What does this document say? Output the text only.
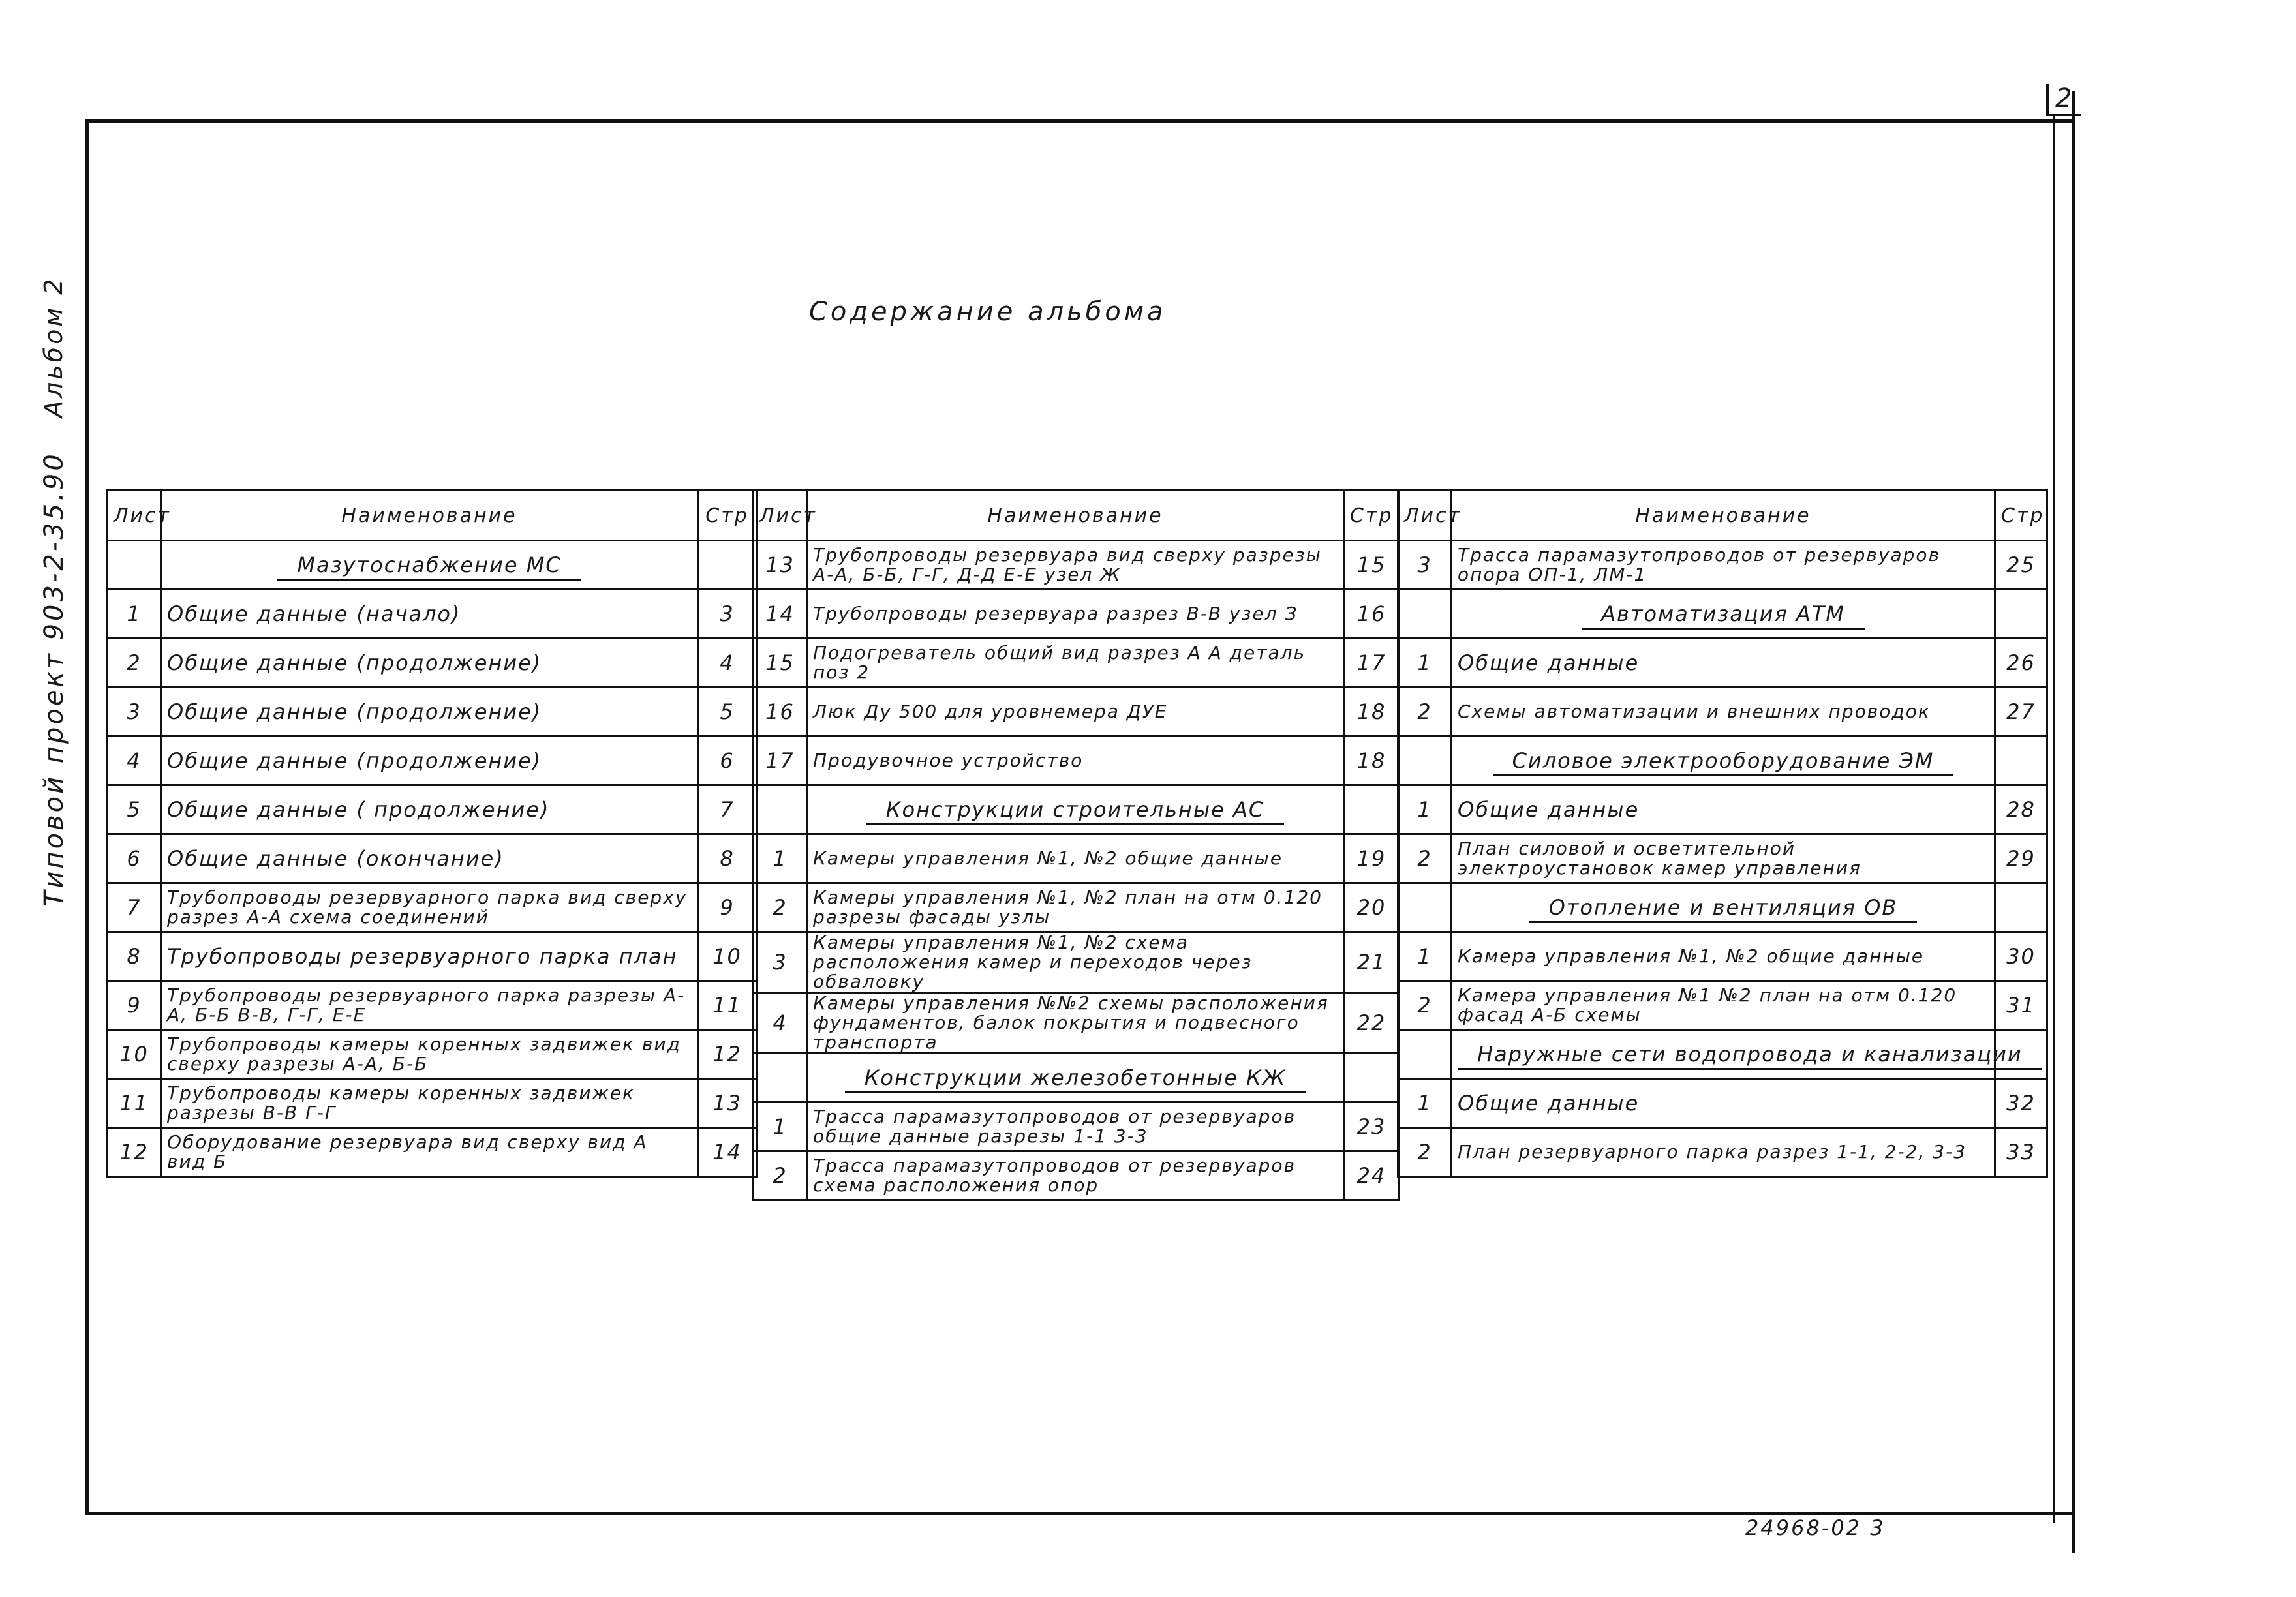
2
Типовой проект 903-2-35.90
Альбом 2	Содержание альбома
Лист	Наименование	Стр
	Мазутоснабжение МС	
1	Общие данные (начало)	3
2	Общие данные (продолжение)	4
3	Общие данные (продолжение)	5
4	Общие данные (продолжение)	6
5	Общие данные ( продолжение)	7
6	Общие данные (окончание)	8
7	Трубопроводы резервуарного парка вид сверху разрез А-А схема соединений	9
8	Трубопроводы резервуарного парка план	10
9	Трубопроводы резервуарного парка разрезы А-А, Б-Б В-В, Г-Г, Е-Е	11
10	Трубопроводы камеры коренных задвижек вид сверху разрезы А-А, Б-Б	12
11	Трубопроводы камеры коренных задвижек разрезы В-В Г-Г	13
12	Оборудование резервуара вид сверху вид А вид Б	14
Лист	Наименование	Стр
13	Трубопроводы резервуара вид сверху разрезы А-А, Б-Б, Г-Г, Д-Д Е-Е узел Ж	15
14	Трубопроводы резервуара разрез В-В узел З	16
15	Подогреватель общий вид разрез А А деталь поз 2	17
16	Люк Ду 500 для уровнемера ДУЕ	18
17	Продувочное устройство	18
	Конструкции строительные АС	
1	Камеры управления №1, №2 общие данные	19
2	Камеры управления №1, №2 план на отм 0.120 разрезы фасады узлы	20
3	Камеры управления №1, №2 схема расположения камер и переходов через обваловку	21
4	Камеры управления №№2 схемы расположения фундаментов, балок покрытия и подвесного транспорта	22
	Конструкции железобетонные КЖ	
1	Трасса парамазутопроводов от резервуаров общие данные разрезы 1-1 3-3	23
2	Трасса парамазутопроводов от резервуаров схема расположения опор	24
Лист	Наименование	Стр
3	Трасса парамазутопроводов от резервуаров опора ОП-1, ЛМ-1	25
	Автоматизация АТМ	
1	Общие данные	26
2	Схемы автоматизации и внешних проводок	27
	Силовое электрооборудование ЭМ	
1	Общие данные	28
2	План силовой и осветительной электроустановок камер управления	29
	Отопление и вентиляция ОВ	
1	Камера управления №1, №2 общие данные	30
2	Камера управления №1 №2 план на отм 0.120 фасад А-Б схемы	31
	Наружные сети водопровода и канализации	
1	Общие данные	32
2	План резервуарного парка разрез 1-1, 2-2, 3-3	33
24968-02 3
